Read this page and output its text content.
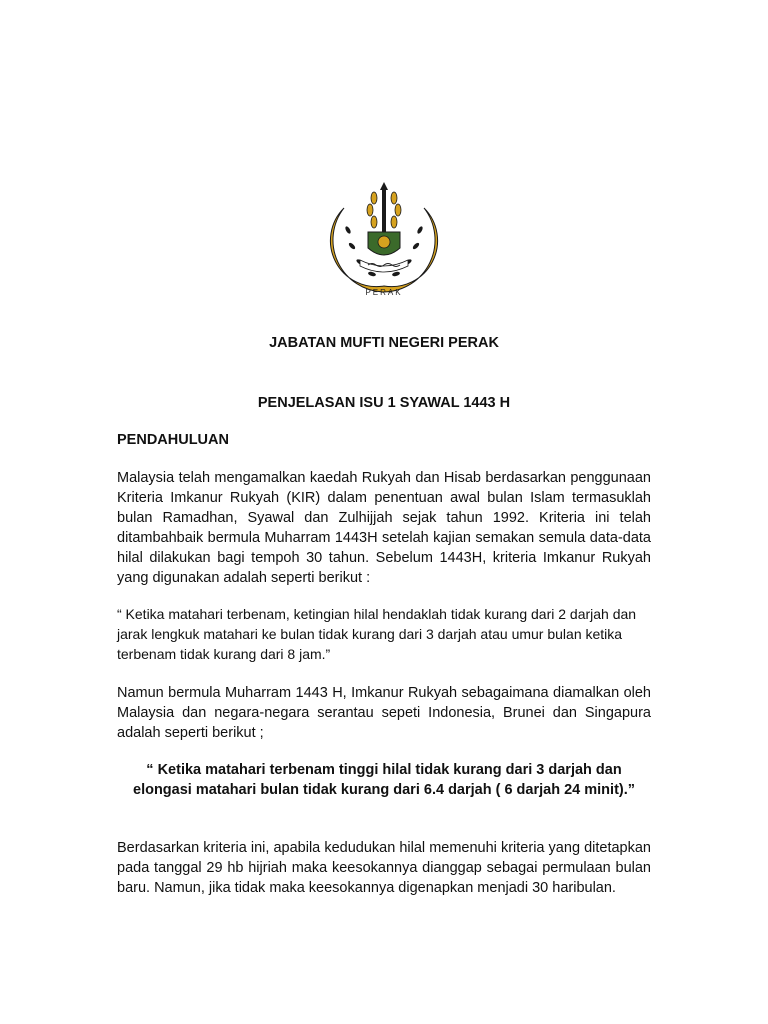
PERAK
JABATAN MUFTI NEGERI PERAK
PENJELASAN ISU 1 SYAWAL 1443 H
PENDAHULUAN

Malaysia telah mengamalkan kaedah Rukyah dan Hisab berdasarkan penggunaan Kriteria Imkanur Rukyah (KIR) dalam penentuan awal bulan Islam termasuklah bulan Ramadhan, Syawal dan Zulhijjah sejak tahun 1992. Kriteria ini telah ditambahbaik bermula Muharram 1443H setelah kajian semakan semula data-data hilal dilakukan bagi tempoh 30 tahun. Sebelum 1443H, kriteria Imkanur Rukyah yang digunakan adalah seperti berikut :

“ Ketika matahari terbenam, ketingian hilal hendaklah tidak kurang dari 2 darjah dan jarak lengkuk matahari ke bulan tidak kurang dari 3 darjah atau umur bulan ketika terbenam tidak kurang dari 8 jam.”

Namun bermula Muharram 1443 H, Imkanur Rukyah sebagaimana diamalkan oleh Malaysia dan negara-negara serantau sepeti Indonesia, Brunei dan Singapura adalah seperti berikut ;

“ Ketika matahari terbenam tinggi hilal tidak kurang dari 3 darjah dan elongasi matahari bulan tidak kurang dari 6.4 darjah ( 6 darjah 24 minit).”

Berdasarkan kriteria ini, apabila kedudukan hilal memenuhi kriteria yang ditetapkan pada tanggal 29 hb hijriah maka keesokannya dianggap sebagai permulaan bulan baru. Namun, jika tidak maka keesokannya digenapkan menjadi 30 haribulan.
